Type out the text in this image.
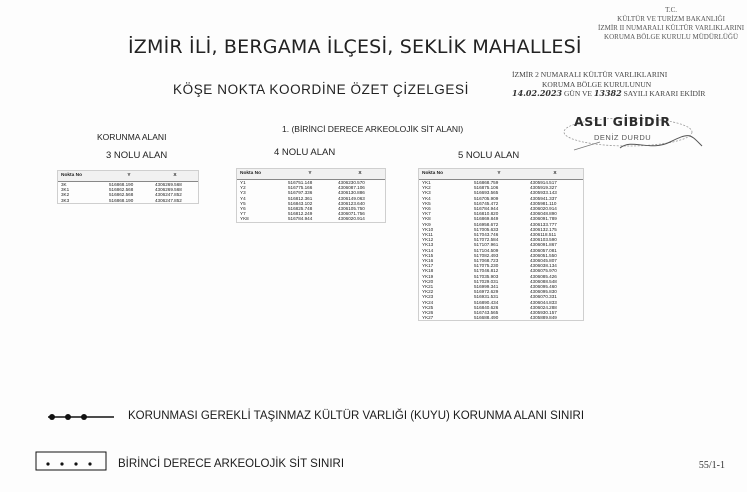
İZMİR İLİ, BERGAMA İLÇESİ, SEKLİK MAHALLESİ
KÖŞE NOKTA KOORDİNE ÖZET ÇİZELGESİ
T.C.
KÜLTÜR VE TURİZM BAKANLIĞI
İZMİR II NUMARALI KÜLTÜR VARLIKLARINI
KORUMA BÖLGE KURULU MÜDÜRLÜĞÜ
İZMİR 2 NUMARALI KÜLTÜR VARLIKLARINI
KORUMA BÖLGE KURULUNUN
14.02.2023 GÜN VE 13382 SAYILI KARARI EKİDİR
ASLI GİBİDİR
DENİZ DURDU
1. (BİRİNCİ DERECE ARKEOLOJİK SİT ALANI)
KORUNMA ALANI
3 NOLU ALAN	4 NOLU ALAN	5 NOLU ALAN
Nokta No	Y	X
3K	516868.190	4306269.568
3K1	516862.568	4306269.568
3K2	516862.568	4306247.852
3K3	516868.190	4306247.852
Nokta No	Y	X
Y1	516751.148	4306230.570
Y2	516775.166	4306087.106
Y3	516797.336	4306130.886
Y4	516812.361	4306149.063
Y5	516843.102	4306123.640
Y6	516825.748	4306105.750
Y7	516812.249	4306071.756
YK8	516784.944	4306020.914
Nokta No	Y	X
YK1	516868.759	4305914.517
YK2	516875.106	4305919.327
YK3	516693.565	4305933.143
YK4	516705.909	4305941.337
YK5	516745.472	4305981.110
YK6	516784.944	4306020.914
YK7	516810.820	4306048.890
YK8	516869.849	4306091.789
YK9	516958.672	4306133.777
YK10	517005.633	4306132.175
YK11	517043.746	4306118.511
YK12	517072.584	4306103.590
YK13	517107.961	4306091.867
YK14	517104.509	4306057.081
YK15	517082.493	4306051.550
YK16	517068.723	4306045.807
YK17	517075.230	4306038.134
YK18	517046.812	4306075.970
YK19	517035.903	4306085.426
YK20	517029.031	4306088.548
YK21	516999.341	4306095.460
YK22	516972.629	4306095.830
YK23	516931.531	4306070.331
YK24	516890.434	4306044.833
YK25	516840.626	4306024.288
YK26	516743.565	4305930.157
YK27	516688.490	4305889.849
KORUNMASI GEREKLİ TAŞINMAZ KÜLTÜR VARLIĞI (KUYU) KORUNMA ALANI SINIRI
BİRİNCİ DERECE ARKEOLOJİK SİT SINIRI	55/1-1
